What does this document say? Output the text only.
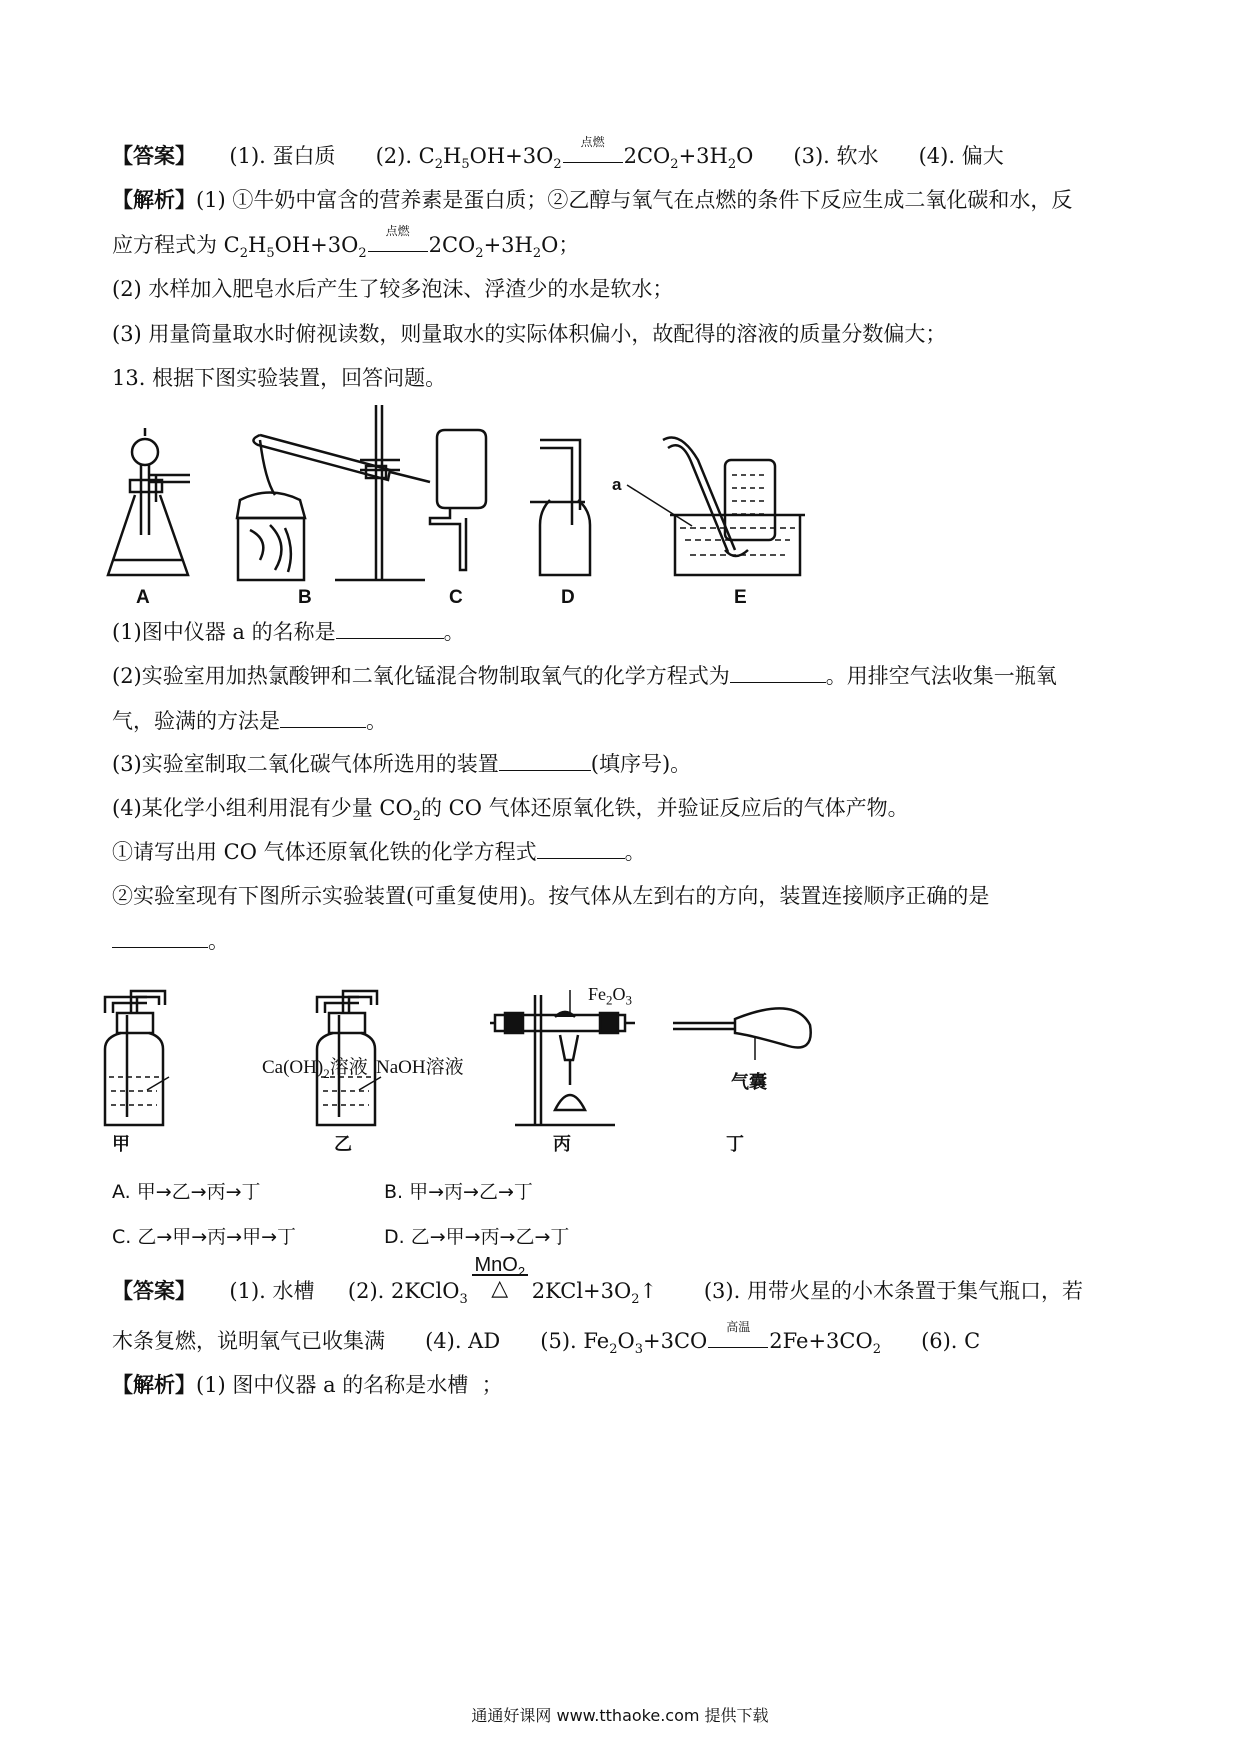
【答案】 (1). 蛋白质 (2). $C_2H_5OH+3O_2$
点燃
$2CO_2+3H_2O$ (3). 软水 (4). 偏大
【解析】(1) ①牛奶中富含的营养素是蛋白质；②乙醇与氧气在点燃的条件下反应生成二氧化碳和水，反
应方程式为 $C_2H_5OH+3O_2$
点燃
$2CO_2+3H_2O$；
(2) 水样加入肥皂水后产生了较多泡沫、浮渣少的水是软水；
(3) 用量筒量取水时俯视读数，则量取水的实际体积偏小，故配得的溶液的质量分数偏大；
13. 根据下图实验装置，回答问题。
A	B	C	D	E
a
(1)图中仪器 a 的名称是	。
(2)实验室用加热氯酸钾和二氧化锰混合物制取氧气的化学方程式为	。用排空气法收集一瓶氧
气，验满的方法是	。
(3)实验室制取二氧化碳气体所选用的装置	(填序号)。
(4)某化学小组利用混有少量 $CO_2$的 CO 气体还原氧化铁，并验证反应后的气体产物。
①请写出用 CO 气体还原氧化铁的化学方程式	。
②实验室现有下图所示实验装置(可重复使用)。按气体从左到右的方向，装置连接顺序正确的是
。
$Ca(OH)_2$溶液 NaOH溶液
$Fe_2O_3$
气囊
甲	乙	丙	丁
A. 甲→乙→丙→丁	B. 甲→丙→乙→丁
C. 乙→甲→丙→甲→丁	D. 乙→甲→丙→乙→丁
【答案】 (1). 水槽 (2). 2KClO$_3$
MnO$_2$
△	$2KCl+3O_2↑$ (3). 用带火星的小木条置于集气瓶口，若
木条复燃，说明氧气已收集满 (4). AD (5). $Fe_2O_3+3CO$
高温
$2Fe+3CO_2$ (6). C
【解析】(1) 图中仪器 a 的名称是水槽  ；
通通好课网 www.tthaoke.com 提供下载
